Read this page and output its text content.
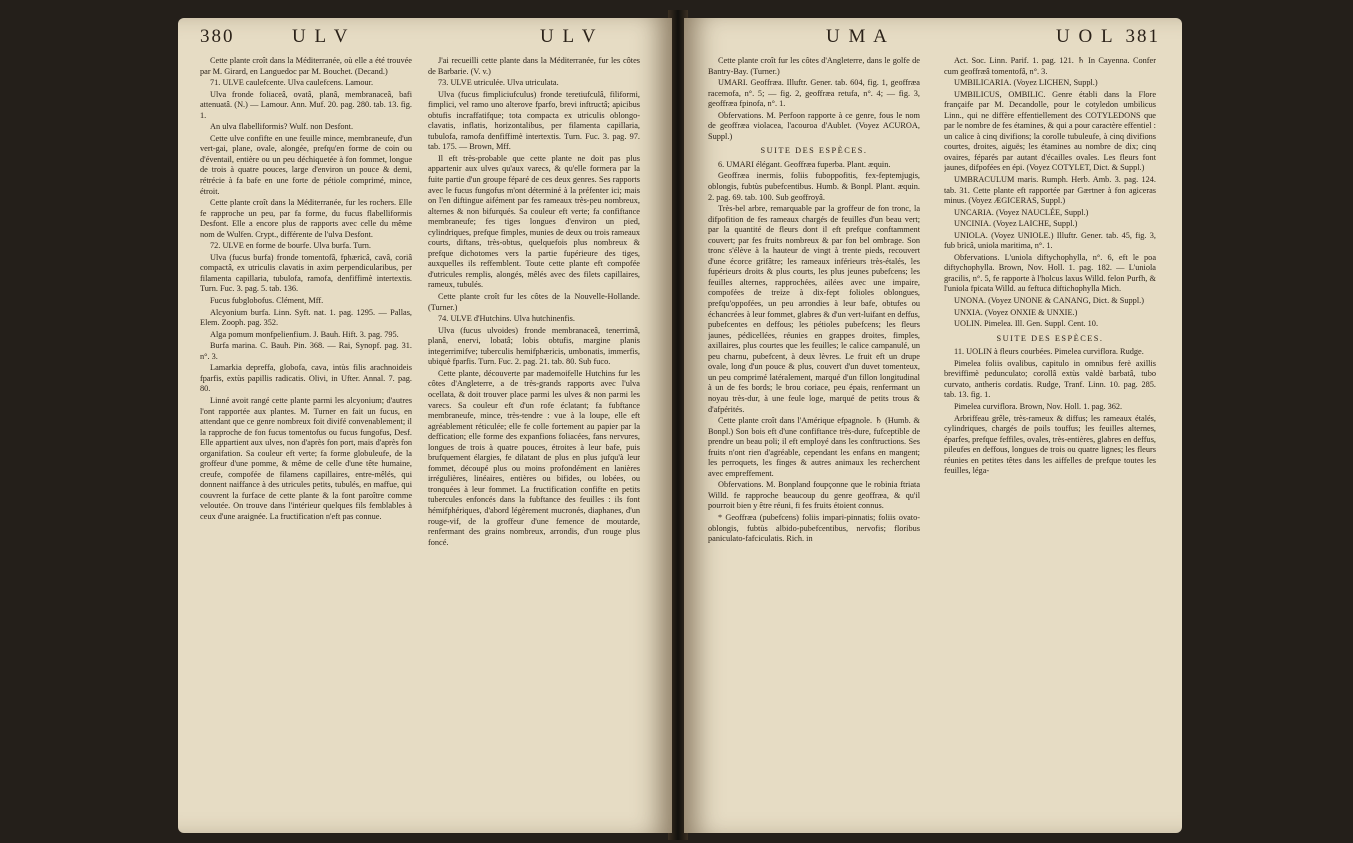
380	U L V	U L V

Cette plante croît dans la Méditerranée, où elle a été trouvée par M. Girard, en Languedoc par M. Bouchet. (Decand.)

71. ULVE caulefcente. Ulva caulefcens. Lamour.

Ulva fronde foliaceâ, ovatâ, planâ, membranaceâ, bafi attenuatâ. (N.) — Lamour. Ann. Muf. 20. pag. 280. tab. 13. fig. 1.

An ulva flabelliformis? Wulf. non Desfont.

Cette ulve confifte en une feuille mince, membraneufe, d'un vert-gai, plane, ovale, alongée, prefqu'en forme de coin ou d'éventail, entière ou un peu déchiquetée à fon fommet, longue de trois à quatre pouces, large d'environ un pouce & demi, rétrécie à fa bafe en une forte de pétiole comprimé, mince, étroit.

Cette plante croît dans la Méditerranée, fur les rochers. Elle fe rapproche un peu, par fa forme, du fucus flabelliformis Desfont. Elle a encore plus de rapports avec celle du même nom de Wulfen. Crypt., différente de l'ulva Desfont.

72. ULVE en forme de bourfe. Ulva burfa. Turn.

Ulva (fucus burfa) fronde tomentofâ, fphæricâ, cavâ, coriâ compactâ, ex utriculis clavatis in axim perpendicularibus, per filamenta capillaria, tubulofa, ramofa, denfiffimè intertextis. Turn. Fuc. 3. pag. 5. tab. 136.

Fucus fubglobofus. Clément, Mff.

Alcyonium burfa. Linn. Syft. nat. 1. pag. 1295. — Pallas, Elem. Zooph. pag. 352.

Alga pomum monfpelienfium. J. Bauh. Hift. 3. pag. 795.

Burfa marina. C. Bauh. Pin. 368. — Rai, Synopf. pag. 31. n°. 3.

Lamarkia depreffa, globofa, cava, intùs filis arachnoideis fparfis, extùs papillis radicatis. Olivi, in Ufter. Annal. 7. pag. 80.

Linné avoit rangé cette plante parmi les alcyonium; d'autres l'ont rapportée aux plantes. M. Turner en fait un fucus, en attendant que ce genre nombreux foit divifé convenablement; il la rapproche de fon fucus tomentofus ou fucus fungofus, Desf. Elle appartient aux ulves, non d'après fon port, mais d'après fon organifation. Sa couleur eft verte; fa forme globuleufe, de la groffeur d'une pomme, & même de celle d'une tête humaine, creufe, compofée de filamens capillaires, entre-mêlés, qui donnent naiffance à des utricules petits, tubulés, en maffue, qui couvrent la furface de cette plante & la font paroître comme veloutée. On trouve dans l'intérieur quelques fils femblables à ceux d'une araignée. La fructification n'eft pas connue.

J'ai recueilli cette plante dans la Méditerranée, fur les côtes de Barbarie. (V. v.)

73. ULVE utriculée. Ulva utriculata.

Ulva (fucus fimpliciufculus) fronde teretiufculâ, filiformi, fimplici, vel ramo uno alterove fparfo, brevi inftructâ; apicibus obtufis incraffatifque; tota compacta ex utriculis oblongo-clavatis, inflatis, horizontalibus, per filamenta capillaria, tubulofa, ramofa denfiffimè intertextis. Turn. Fuc. 3. pag. 97. tab. 175. — Brown, Mff.

Il eft très-probable que cette plante ne doit pas plus appartenir aux ulves qu'aux varecs, & qu'elle formera par la fuite partie d'un groupe féparé de ces deux genres. Ses rapports avec le fucus fungofus m'ont déterminé à la préfenter ici; mais on l'en diftingue aifément par fes rameaux très-peu nombreux, alternes & non bifurqués. Sa couleur eft verte; fa confiftance membraneufe; fes tiges longues d'environ un pied, cylindriques, prefque fimples, munies de deux ou trois rameaux courts, diftans, très-obtus, quelquefois plus nombreux & prefque dichotomes vers la partie fupérieure des tiges, auxquelles ils reffemblent. Toute cette plante eft compofée d'utricules remplis, alongés, mêlés avec des filets capillaires, rameux, tubulés.

Cette plante croît fur les côtes de la Nouvelle-Hollande. (Turner.)

74. ULVE d'Hutchins. Ulva hutchinenfis.

Ulva (fucus ulvoides) fronde membranaceâ, tenerrimâ, planâ, enervi, lobatâ; lobis obtufis, margine planis integerrimifve; tuberculis hemifphæricis, umbonatis, immerfis, ubiquè fparfis. Turn. Fuc. 2. pag. 21. tab. 80. Sub fuco.

Cette plante, découverte par mademoifelle Hutchins fur les côtes d'Angleterre, a de très-grands rapports avec l'ulva ocellata, & doit trouver place parmi les ulves & non parmi les varecs. Sa couleur eft d'un rofe éclatant; fa fubftance membraneufe, mince, très-tendre : vue à la loupe, elle eft agréablement réticulée; elle fe colle fortement au papier par la deffication; elle forme des expanfions foliacées, fans nervures, longues de trois à quatre pouces, étroites à leur bafe, puis brufquement élargies, fe dilatant de plus en plus jufqu'à leur fommet, découpé plus ou moins profondément en lanières irrégulières, linéaires, entières ou bifides, ou lobées, ou tronquées à leur fommet. La fructification confifte en petits tubercules enfoncés dans la fubftance des feuilles : ils font hémifphériques, d'abord légèrement mucronés, diaphanes, d'un rouge-vif, de la groffeur d'une femence de moutarde, renfermant des grains nombreux, arrondis, d'un rouge plus foncé.

U M A	U O L 381

Cette plante croît fur les côtes d'Angleterre, dans le golfe de Bantry-Bay. (Turner.)

UMARI. Geoffræa. Illuftr. Gener. tab. 604, fig. 1, geoffræa racemofa, n°. 5; — fig. 2, geoffræa retufa, n°. 4; — fig. 3, geoffræa fpinofa, n°. 1.

Obfervations. M. Perfoon rapporte à ce genre, fous le nom de geoffræa violacea, l'acouroa d'Aublet. (Voyez ACUROA, Suppl.)

SUITE DES ESPÈCES.

6. UMARI élégant. Geoffræa fuperba. Plant. æquin.

Geoffræa inermis, foliis fuboppofitis, fex-feptemjugis, oblongis, fubtùs pubefcentibus. Humb. & Bonpl. Plant. æquin. 2. pag. 69. tab. 100. Sub geoffroyâ.

Très-bel arbre, remarquable par la groffeur de fon tronc, la difpofition de fes rameaux chargés de feuilles d'un beau vert; par la quantité de fleurs dont il eft prefque conftamment couvert; par fes fruits nombreux & par fon bel ombrage. Son tronc s'élève à la hauteur de vingt à trente pieds, recouvert d'une écorce grifâtre; les rameaux inférieurs très-étalés, les fupérieurs droits & plus courts, les plus jeunes pubefcens; les feuilles alternes, rapprochées, ailées avec une impaire, compofées de treize à dix-fept folioles oblongues, prefqu'oppofées, un peu arrondies à leur bafe, obtufes ou échancrées à leur fommet, glabres & d'un vert-luifant en deffus, pubefcentes en deffous; les pétioles pubefcens; les fleurs jaunes, pédicellées, réunies en grappes droites, fimples, axillaires, plus courtes que les feuilles; le calice campanulé, un peu charnu, pubefcent, à deux lèvres. Le fruit eft un drupe ovale, long d'un pouce & plus, couvert d'un duvet tomenteux, un peu comprimé latéralement, marqué d'un fillon longitudinal à un de fes bords; le brou coriace, peu épais, renfermant un noyau très-dur, à une feule loge, marqué de petits trous & d'afpérités.

Cette plante croît dans l'Amérique efpagnole. ♄ (Humb. & Bonpl.) Son bois eft d'une confiftance très-dure, fufceptible de prendre un beau poli; il eft employé dans les conftructions. Ses fruits n'ont rien d'agréable, cependant les enfans en mangent; les perroquets, les finges & autres animaux les recherchent avec empreffement.

Obfervations. M. Bonpland foupçonne que le robinia ftriata Willd. fe rapproche beaucoup du genre geoffræa, & qu'il pourroit bien y être réuni, fi fes fruits étoient connus.

* Geoffræa (pubefcens) foliis impari-pinnatis; foliis ovato-oblongis, fubtùs albido-pubefcentibus, nervofis; floribus paniculato-fafciculatis. Rich. in

Act. Soc. Linn. Parif. 1. pag. 121. ♄ In Cayenna. Confer cum geoffræâ tomentofâ, n°. 3.

UMBILICARIA. (Voyez LICHEN, Suppl.)

UMBILICUS, OMBILIC. Genre établi dans la Flore françaife par M. Decandolle, pour le cotyledon umbilicus Linn., qui ne diffère effentiellement des COTYLEDONS que par le nombre de fes étamines, & qui a pour caractère effentiel : un calice à cinq divifions; la corolle tubuleufe, à cinq divifions courtes, droites, aiguës; les étamines au nombre de dix; cinq ovaires, féparés par autant d'écailles ovales. Les fleurs font jaunes, difpofées en épi. (Voyez COTYLET, Dict. & Suppl.)

UMBRACULUM maris. Rumph. Herb. Amb. 3. pag. 124. tab. 31. Cette plante eft rapportée par Gærtner à fon agiceras minus. (Voyez ÆGICERAS, Suppl.)

UNCARIA. (Voyez NAUCLÉE, Suppl.)

UNCINIA. (Voyez LAICHE, Suppl.)

UNIOLA. (Voyez UNIOLE.) Illuftr. Gener. tab. 45, fig. 3, fub bricâ, uniola maritima, n°. 1.

Obfervations. L'uniola diftychophylla, n°. 6, eft le poa diftychophylla. Brown, Nov. Holl. 1. pag. 182. — L'uniola gracilis, n°. 5, fe rapporte à l'holcus laxus Willd. felon Purfh, & l'uniola fpicata Willd. au feftuca diftichophylla Mich.

UNONA. (Voyez UNONE & CANANG, Dict. & Suppl.)

UNXIA. (Voyez ONXIE & UNXIE.)

UOLIN. Pimelea. Ill. Gen. Suppl. Cent. 10.

SUITE DES ESPÈCES.

11. UOLIN à fleurs courbées. Pimelea curviflora. Rudge.

Pimelea foliis ovalibus, capitulo in omnibus ferè axillis breviffimè pedunculato; corollâ extùs valdè barbatâ, tubo curvato, antheris cordatis. Rudge, Tranf. Linn. 10. pag. 285. tab. 13. fig. 1.

Pimelea curviflora. Brown, Nov. Holl. 1. pag. 362.

Arbriffeau grêle, très-rameux & diffus; les rameaux étalés, cylindriques, chargés de poils touffus; les feuilles alternes, éparfes, prefque feffiles, ovales, très-entières, glabres en deffus, pileufes en deffous, longues de trois ou quatre lignes; les fleurs réunies en petites têtes dans les aiffelles de prefque toutes les feuilles, léga-
